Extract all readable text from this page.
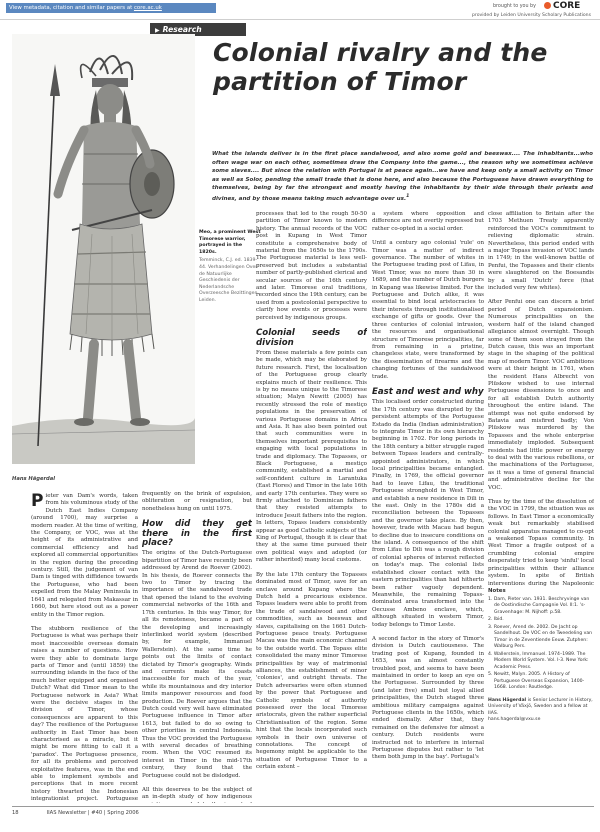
View metadata, citation and similar papers at core.ac.uk	brought to you by	CORE
provided by Leiden University Scholary Publications
▶ Research
Meo, a prominent West Timorese warrior, portrayed in the 1820s.
Temminck, C.J. ed. 1839-44. Verhandelingen Over de Natuurlijke Geschiedenis der Nederlandsche Overzeesche Bezittingen. Leiden.
Hans Hägerdal
Colonial rivalry and the partition of Timor
What the islands deliver is in the first place sandalwood, and also some gold and beeswax.... The inhabitants...who often wage war on each other, sometimes draw the Company into the game..., the reason why we sometimes achieve some slaves.... But since the relation with Portugal is at peace again...we have and keep only a small activity on Timor as well as Solor, pending the small trade that is done here, and also because the Portuguese have drawn everything to themselves, being by far the strongest and mostly having the inhabitants by their side through their priests and divines, and by those means taking much advantage over us.$^1$

Pieter van Dam's words, taken from his voluminous study of the Dutch East Indies Company (around 1700), may surprise a modern reader. At the time of writing, the Company, or VOC, was at the height of its administrative and commercial efficiency and had explored all commercial opportunities in the region during the preceding century. Still, the judgement of van Dam is tinged with diffidence towards the Portuguese, who had been expelled from the Malay Peninsula in 1641 and relegated from Makassar in 1660, but here stood out as a power entity in the Timor region.

The stubborn resilience of the Portuguese is what was perhaps their most inaccessible overseas domain raises a number of questions. How were they able to dominate large parts of Timor and (until 1859) the surrounding islands in the face of the much better equipped and organised Dutch? What did Timor mean to the Portuguese network in Asia? What were the decisive stages in the division of Timor, whose consequences are apparent to this day? The resilience of the Portuguese authority in East Timor has been characterised as a miracle, but it might be more fitting to call it a 'paradox'. The Portuguese presence, for all its problems and perceived exploitative features, was in the end able to implement symbols and perceptions that in more recent history thwarted the Indonesian integrationist project. Portuguese

frequently on the brink of expulsion, obliteration or resignation, but nonetheless hung on until 1975.

How did they get there in the first place?

The origins of the Dutch-Portuguese bipartition of Timor have recently been addressed by Arend de Roever (2002). In his thesis, de Roever connects the two to Timor by tracing the importance of the sandalwood trade that opened the island to the evolving commercial networks of the 16th and 17th centuries. In this way Timor, for all its remoteness, became a part of the developing and increasingly interlinked world system (described by, for example, Immanuel Wallerstein). At the same time he points out the limits of contact dictated by Timor's geography. Winds and currents make its coasts inaccessible for much of the year, while its mountainous and dry interior limits manpower resources and food production. De Roever argues that the Dutch could very well have eliminated Portuguese influence in Timor after 1613, but failed to do so owing to other priorities in central Indonesia. Thus the VOC provided the Portuguese with several decades of breathing room. When the VOC resumed its interest in Timor in the mid-17th century, they found that the Portuguese could not be dislodged.

All this deserves to be the subject of an in-depth study of how indigenous

processes that led to the rough 50-50 partition of Timor known to modern history. The annual records of the VOC post in Kupang in West Timor constitute a comprehensive body of material from the 1650s to the 1790s. The Portuguese material is less well-preserved but includes a substantial number of partly-published clerical and secular sources of the 16th century and later. Timorese oral traditions, recorded since the 19th century, can be used from a postcolonial perspective to clarify how events or processes were perceived by indigenous groups.

Colonial seeds of division

From these materials a few points can be made, which may be elaborated by future research. First, the localisation of the Portuguese group clearly explains much of their resilience. This is by no means unique to the Timorese situation; Malyn Newitt (2005) has recently stressed the role of mestiço populations in the preservation of various Portuguese domains in Africa and Asia. It has also been pointed out that such communities were in themselves important prerequisites to engaging with local populations in trade and diplomacy. The Topasses, or Black Portuguese, a mestiço community, established a martial and self-confident culture in Larantuka (East Flores) and Timor in the late 16th and early 17th centuries. They were so firmly attached to Dominican fathers that they resisted attempts to introduce Jesuit fathers into the region. In letters, Topass leaders consistently appear as good Catholic subjects of the King of Portugal, though it is clear that they at the same time pursued their own political ways and adopted (or rather inherited) many local customs.

By the late 17th century the Topasses dominated most of Timor, save for an enclave around Kupang where the Dutch held a precarious existence. Topass leaders were able to profit from the trade of sandalwood and other commodities, such as beeswax and slaves, capitalising on the 1661 Dutch-Portuguese peace treaty. Portuguese Macau was the main economic channel to the outside world. The Topass elite consolidated the many minor Timorese principalities by way of matrimonial alliances, the establishment of minor 'colonies', and outright threats. The Dutch adversaries were often stunned by the power that Portuguese and Catholic symbols of authority possessed over the local Timorese aristocrats, given the rather superficial Christianisation of the region. Some hint that the locals incorporated such symbols in their own universe of connotations. The concept of hegemony might be applicable to the situation of Portuguese Timor to a certain extent –

a system where opposition and difference are not overtly repressed but rather co-opted in a social order.

Until a century ago colonial 'rule' on Timor was a matter of indirect governance. The number of whites in the Portuguese trading post of Lifau, in West Timor, was no more than 30 in 1689, and the number of Dutch burgers in Kupang was likewise limited. For the Portuguese and Dutch alike, it was essential to bind local aristocracies to their interests through institutionalised exchange of gifts or goods. Over the three centuries of colonial intrusion, the resources and organisational structure of Timorese principalities, far from remaining in a pristine, changeless state, were transformed by the dissemination of firearms and the changing fortunes of the sandalwood trade.

East and west and why

This localised order constructed during the 17th century was disrupted by the persistent attempts of the Portuguese Estado da India (Indian administration) to integrate Timor in its own hierarchy beginning in 1702. For long periods in the 18th century a bitter struggle raged between Topass leaders and centrally-appointed administrators, in which local principalities became entangled. Finally, in 1769, the official governor had to leave Lifau, the traditional Portuguese stronghold in West Timor, and establish a new residence in Dili in the east. Only in the 1780s did a reconciliation between the Topasses and the governor take place. By then, however, trade with Macau had begun to decline due to insecure conditions on the island. A consequence of the shift from Lifau to Dili was a rough division of colonial spheres of interest reflected on today's map. The colonial lists established closer contact with the eastern principalities than had hitherto been rather vaguely dependent. Meanwhile, the remaining Topass-dominated area transformed into the Oecusse Ambeno enclave, which, although situated in western Timor, today belongs to Timor Leste.

A second factor in the story of Timor's division is Dutch cautiousness. The trading post of Kupang, founded in 1653, was an almost constantly troubled post, and seems to have been maintained in order to keep an eye on the Portuguese. Surrounded by three (and later five) small but loyal allied principalities, the Dutch staged three ambitious military campaigns against Portuguese clients in the 1650s, which ended dismally. After that, they remained on the defensive for almost a century. Dutch residents were instructed not to interfere in internal Portuguese disputes but rather to 'let them both jump in the bay'. Portugal's

close affiliation to Britain after the 1703 Methuen Treaty apparently reinforced the VOC's commitment to relieving diplomatic strain. Nevertheless, this period ended with a major Topass invasion of VOC lands in 1749; in the well-known battle of Penfui, the Topasses and their clients were slaughtered on the Boesandis by a small 'Dutch' force (that included very few whites).

After Penfui one can discern a brief period of Dutch expansionism. Numerous principalities on the western half of the island changed allegiance almost overnight. Though some of them soon strayed from the Dutch cause, this was an important stage in the shaping of the political map of modern Timor. VOC ambitions were at their height in 1761, when the resident Hans Albrecht von Plüskow wished to use internal Portuguese dissensions to once and for all establish Dutch authority throughout the entire island. The attempt was not quite endorsed by Batavia and misfired badly; Von Plüskow was murdered by the Topasses and the whole enterprise immediately imploded. Subsequent residents had little power or energy to deal with the various rebellions, or the machinations of the Portuguese, as it was a time of general financial and administrative decline for the VOC.

Thus by the time of the dissolution of the VOC in 1799, the situation was as follows. In East Timor a economically weak but remarkably stabilised colonial apparatus managed to co-opt a weakened Topass community. In West Timor a fragile outpost of a crumbling colonial empire desperately tried to keep 'sinful' local principalities within their alliance system. In spite of British interventions during the Napoleonic

Notes
1. Dam, Pieter van. 1931. Beschryvinge van de Oostindische Compagnie Vol. II:1. 's-Gravenhage: M. Nijhoff: p.58.
2. Ibid.
3. Roever, Arend de. 2002. De Jacht op Sandelhout. De VOC en de Tweedeling van Timor in de Zeventiende Eeuw. Zutphen: Walburg Pers.
4. Wallerstein, Immanuel. 1974–1989. The Modern World System. Vol. I-3. New York: Academic Press.
5. Newitt, Malyn. 2005. A History of Portuguese Overseas Expansion, 1400-1668. London: Routledge.
Hans Hägerdal is Senior Lecturer in History, University of Växjö, Sweden and a fellow at IIAS.
hans.hagerdal@vxu.se
18	IIAS Newsletter | #40 | Spring 2006
